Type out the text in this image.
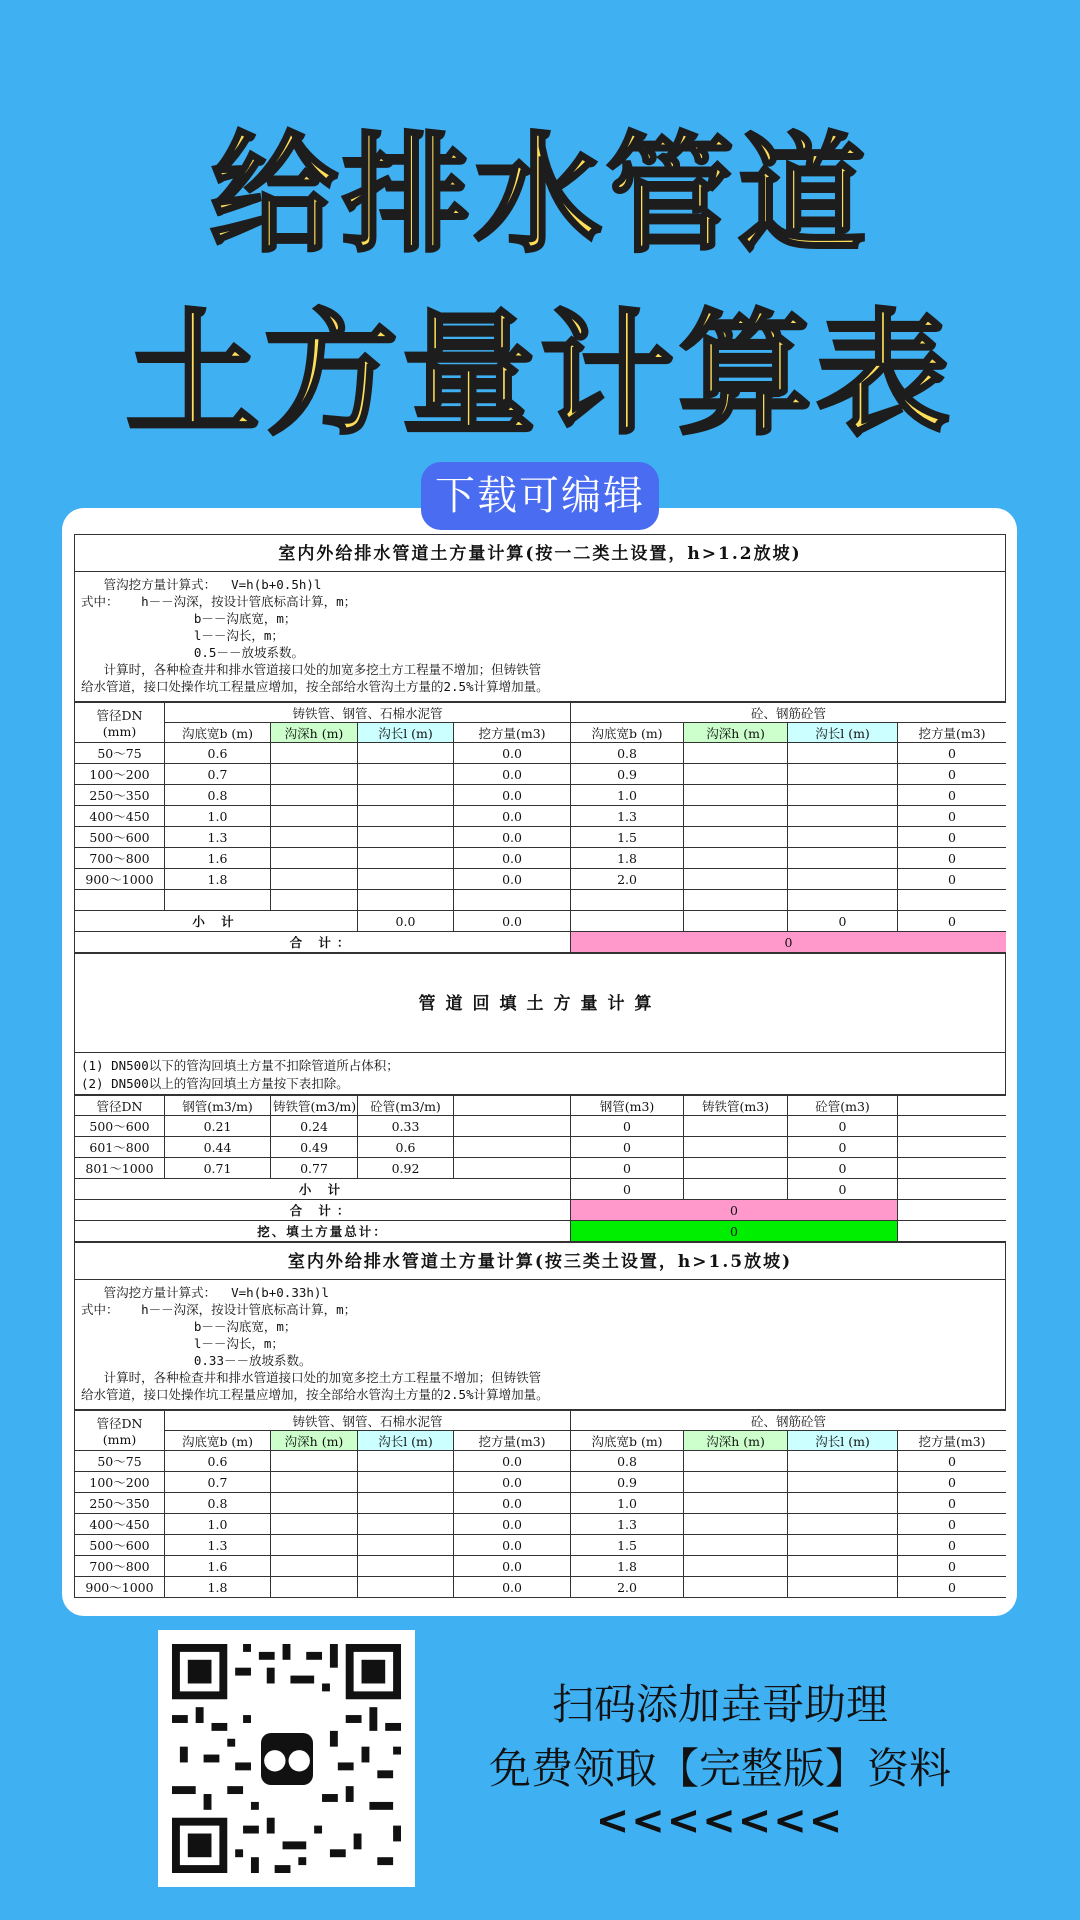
给排水管道
土方量计算表
下载可编辑
室内外给排水管道土方量计算(按一二类土设置，h>1.2放坡)
管沟挖方量计算式：  V=h(b+0.5h)l
式中：   h－－沟深，按设计管底标高计算，m；
b－－沟底宽，m；
l－－沟长，m；
0.5－－放坡系数。
计算时，各种检查井和排水管道接口处的加宽多挖土方工程量不增加；但铸铁管
给水管道，接口处操作坑工程量应增加，按全部给水管沟土方量的2.5%计算增加量。
管径DN
(mm)	铸铁管、钢管、石棉水泥管				砼、钢筋砼管			
	沟底宽b (m)	沟深h (m)	沟长l (m)	挖方量(m3)	沟底宽b (m)	沟深h (m)	沟长l (m)	挖方量(m3)
50～75	0.6			0.0	0.8			0
100～200	0.7			0.0	0.9			0
250～350	0.8			0.0	1.0			0
400～450	1.0			0.0	1.3			0
500～600	1.3			0.0	1.5			0
700～800	1.6			0.0	1.8			0
900～1000	1.8			0.0	2.0			0

小 计			0.0	0.0			0	0
合 计：					0			
管道回填土方量计算
(1) DN500以下的管沟回填土方量不扣除管道所占体积；
(2) DN500以上的管沟回填土方量按下表扣除。
管径DN	钢管(m3/m)	铸铁管(m3/m)	砼管(m3/m)		钢管(m3)	铸铁管(m3)	砼管(m3)	
500～600	0.21	0.24	0.33		0		0	
601～800	0.44	0.49	0.6		0		0	
801～1000	0.71	0.77	0.92		0		0	
小 计					0		0	
合 计：					0			
挖、填土方量总计：					0			
室内外给排水管道土方量计算(按三类土设置，h>1.5放坡)
管沟挖方量计算式：  V=h(b+0.33h)l
式中：   h－－沟深，按设计管底标高计算，m；
b－－沟底宽，m；
l－－沟长，m；
0.33－－放坡系数。
计算时，各种检查井和排水管道接口处的加宽多挖土方工程量不增加；但铸铁管
给水管道，接口处操作坑工程量应增加，按全部给水管沟土方量的2.5%计算增加量。
管径DN
(mm)	铸铁管、钢管、石棉水泥管				砼、钢筋砼管			
	沟底宽b (m)	沟深h (m)	沟长l (m)	挖方量(m3)	沟底宽b (m)	沟深h (m)	沟长l (m)	挖方量(m3)
50～75	0.6			0.0	0.8			0
100～200	0.7			0.0	0.9			0
250～350	0.8			0.0	1.0			0
400～450	1.0			0.0	1.3			0
500～600	1.3			0.0	1.5			0
700～800	1.6			0.0	1.8			0
900～1000	1.8			0.0	2.0			0
●●
扫码添加垚哥助理
免费领取【完整版】资料
<<<<<<<
